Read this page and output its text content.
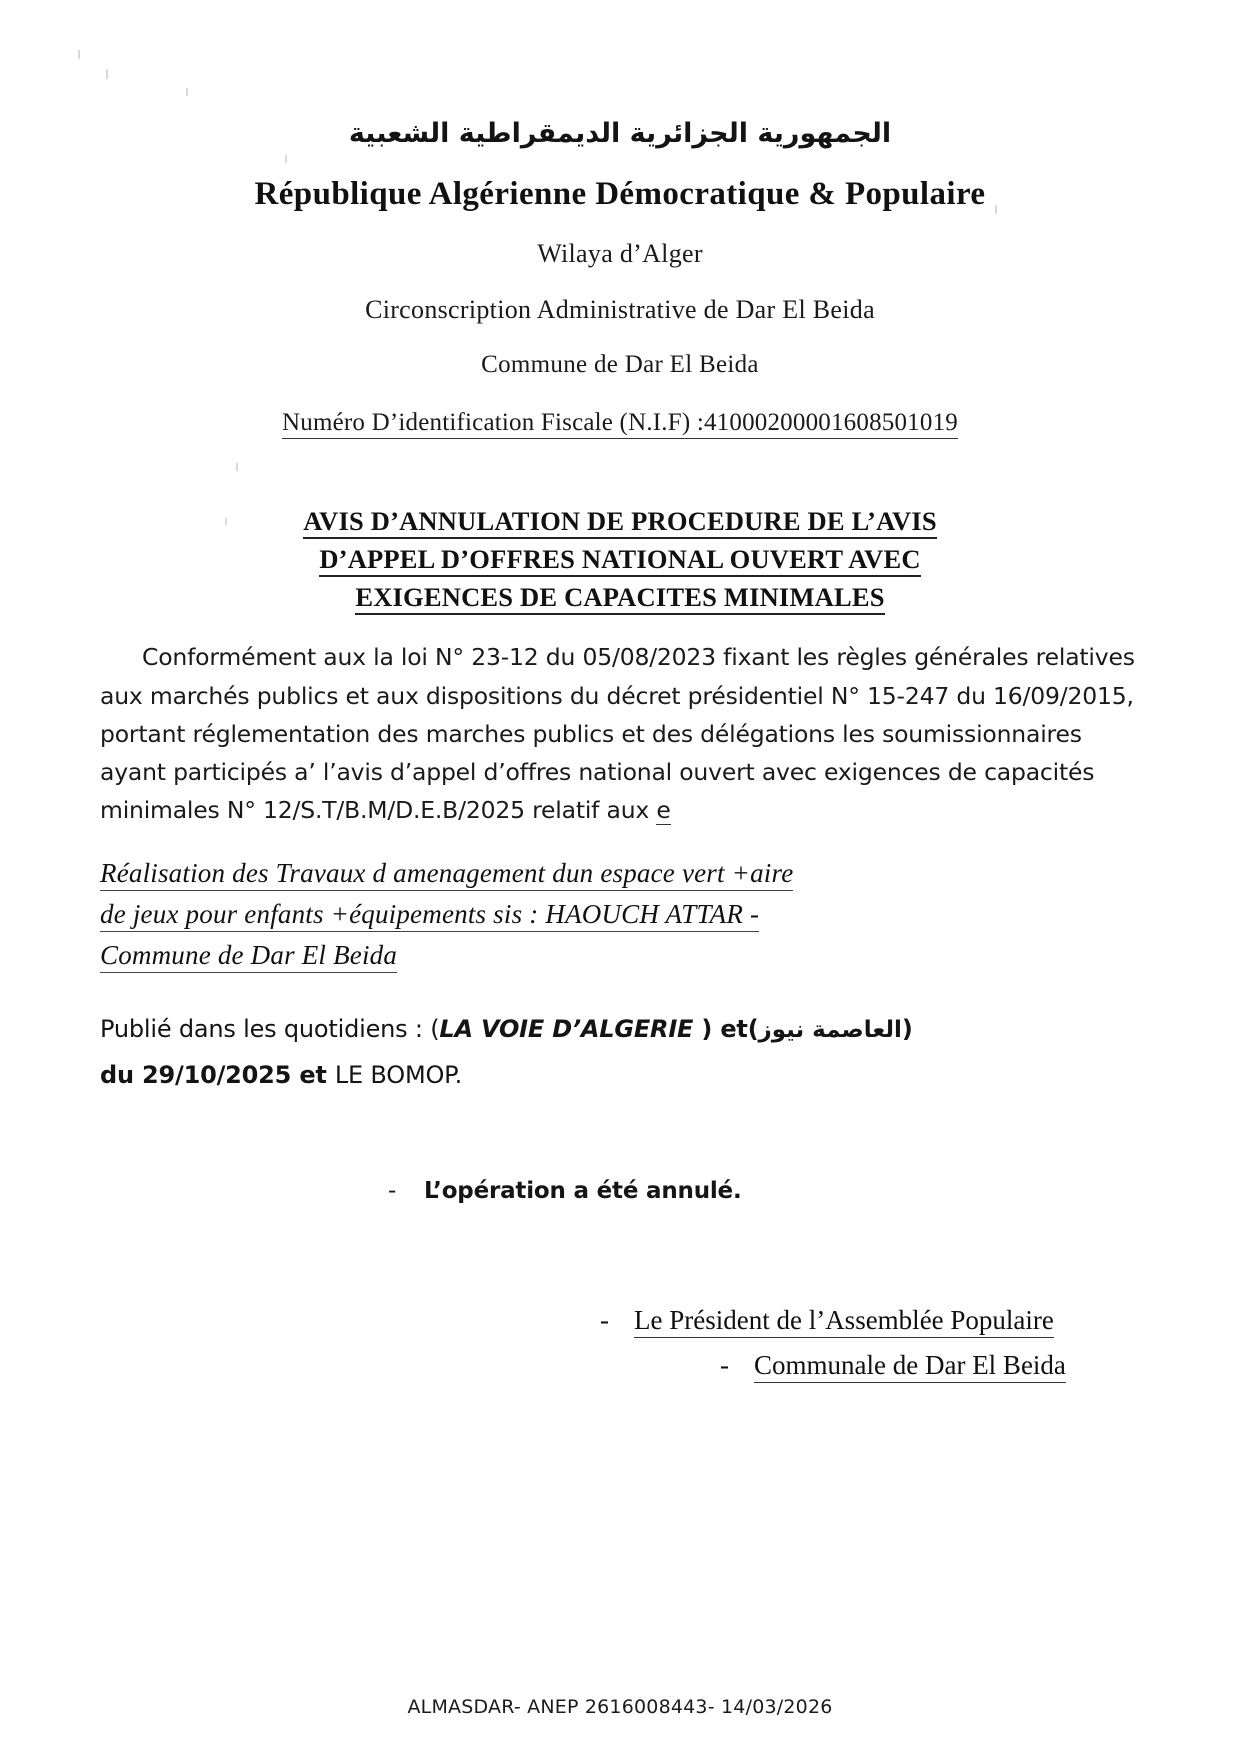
الجمهورية الجزائرية الديمقراطية الشعبية
République Algérienne Démocratique & Populaire
Wilaya d’Alger
Circonscription Administrative de Dar El Beida
Commune de Dar El Beida
Numéro D’identification Fiscale (N.I.F) :41000200001608501019
AVIS D’ANNULATION DE PROCEDURE DE L’AVIS
D’APPEL D’OFFRES NATIONAL OUVERT AVEC
EXIGENCES DE CAPACITES MINIMALES

Conformément aux la loi N° 23-12 du 05/08/2023 fixant les règles générales relatives aux marchés publics et aux dispositions du décret présidentiel N° 15-247 du 16/09/2015, portant réglementation des marches publics et des délégations les soumissionnaires ayant participés a’ l’avis d’appel d’offres national ouvert avec exigences de capacités minimales N° 12/S.T/B.M/D.E.B/2025 relatif aux e

Réalisation des Travaux d amenagement dun espace vert +aire
de jeux pour enfants +équipements sis : HAOUCH ATTAR -
Commune de Dar El Beida
Publié dans les quotidiens : (LA VOIE D’ALGERIE ) et(العاصمة نيوز)
du 29/10/2025 et LE BOMOP.
- L’opération a été annulé.
- Le Président de l’Assemblée Populaire
- Communale de Dar El Beida
ALMASDAR- ANEP 2616008443- 14/03/2026
